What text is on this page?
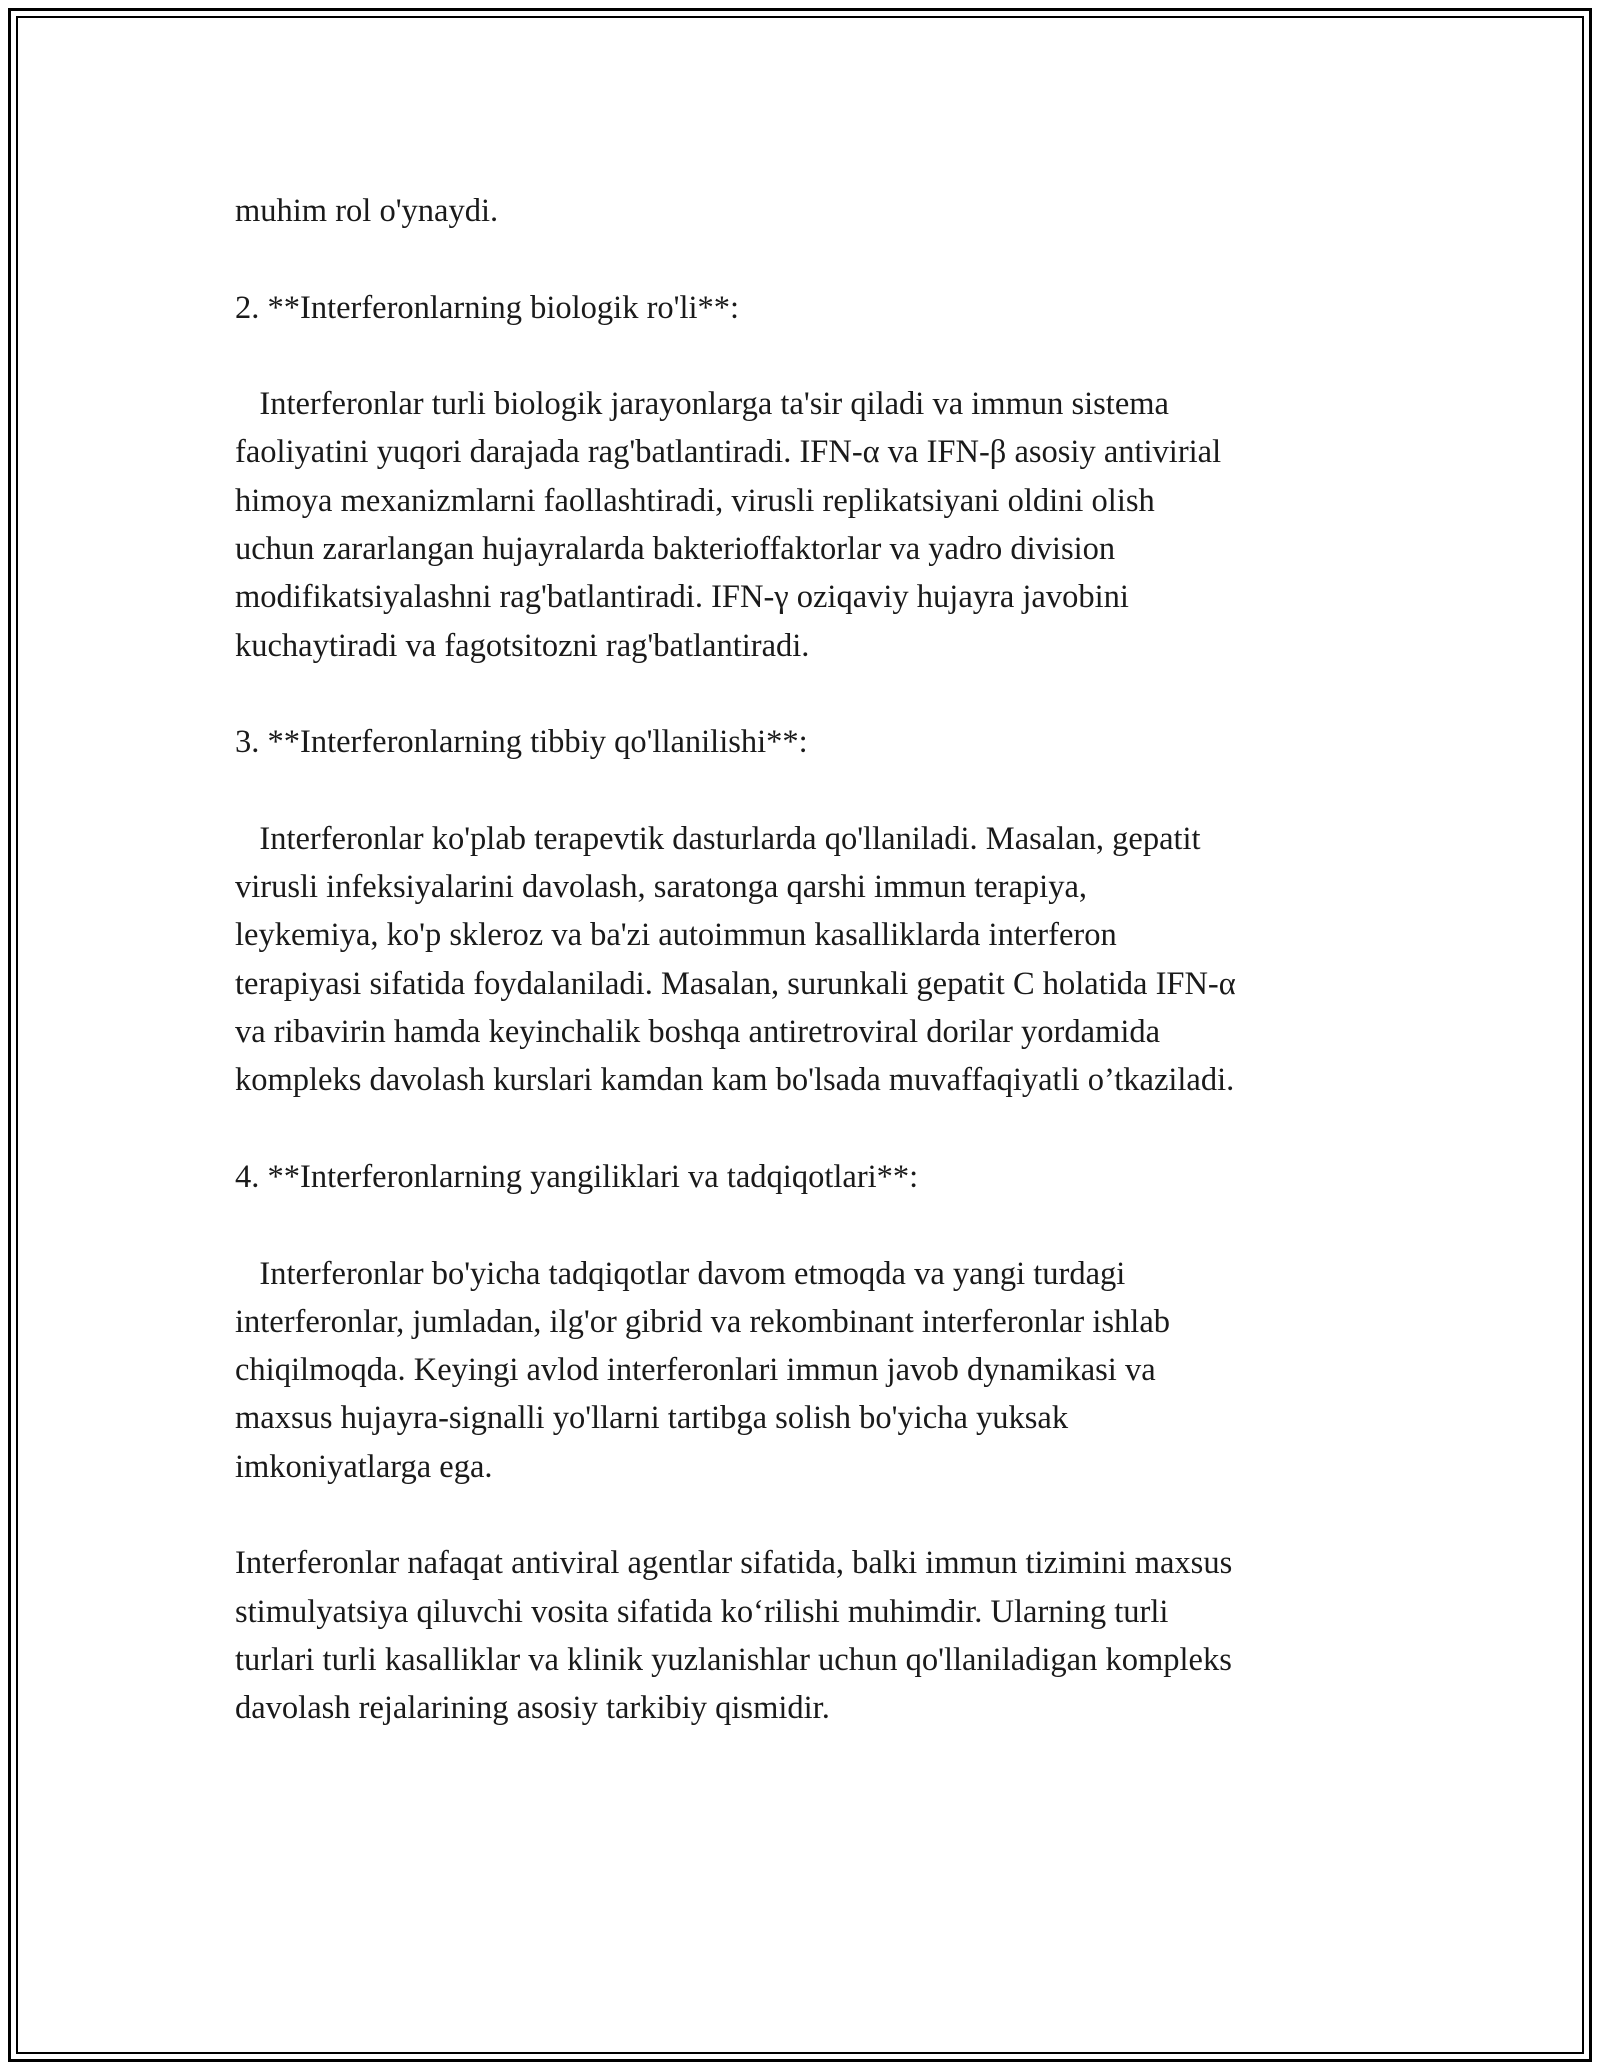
muhim rol o'ynaydi.

2. **Interferonlarning biologik ro'li**:

Interferonlar turli biologik jarayonlarga ta'sir qiladi va immun sistema
faoliyatini yuqori darajada rag'batlantiradi. IFN-α va IFN-β asosiy antivirial
himoya mexanizmlarni faollashtiradi, virusli replikatsiyani oldini olish
uchun zararlangan hujayralarda bakterioffaktorlar va yadro division
modifikatsiyalashni rag'batlantiradi. IFN-γ oziqaviy hujayra javobini
kuchaytiradi va fagotsitozni rag'batlantiradi.

3. **Interferonlarning tibbiy qo'llanilishi**:

Interferonlar ko'plab terapevtik dasturlarda qo'llaniladi. Masalan, gepatit
virusli infeksiyalarini davolash, saratonga qarshi immun terapiya,
leykemiya, ko'p skleroz va ba'zi autoimmun kasalliklarda interferon
terapiyasi sifatida foydalaniladi. Masalan, surunkali gepatit C holatida IFN-α
va ribavirin hamda keyinchalik boshqa antiretroviral dorilar yordamida
kompleks davolash kurslari kamdan kam bo'lsada muvaffaqiyatli o’tkaziladi.

4. **Interferonlarning yangiliklari va tadqiqotlari**:

Interferonlar bo'yicha tadqiqotlar davom etmoqda va yangi turdagi
interferonlar, jumladan, ilg'or gibrid va rekombinant interferonlar ishlab
chiqilmoqda. Keyingi avlod interferonlari immun javob dynamikasi va
maxsus hujayra-signalli yo'llarni tartibga solish bo'yicha yuksak
imkoniyatlarga ega.

Interferonlar nafaqat antiviral agentlar sifatida, balki immun tizimini maxsus
stimulyatsiya qiluvchi vosita sifatida ko‘rilishi muhimdir. Ularning turli
turlari turli kasalliklar va klinik yuzlanishlar uchun qo'llaniladigan kompleks
davolash rejalarining asosiy tarkibiy qismidir.
